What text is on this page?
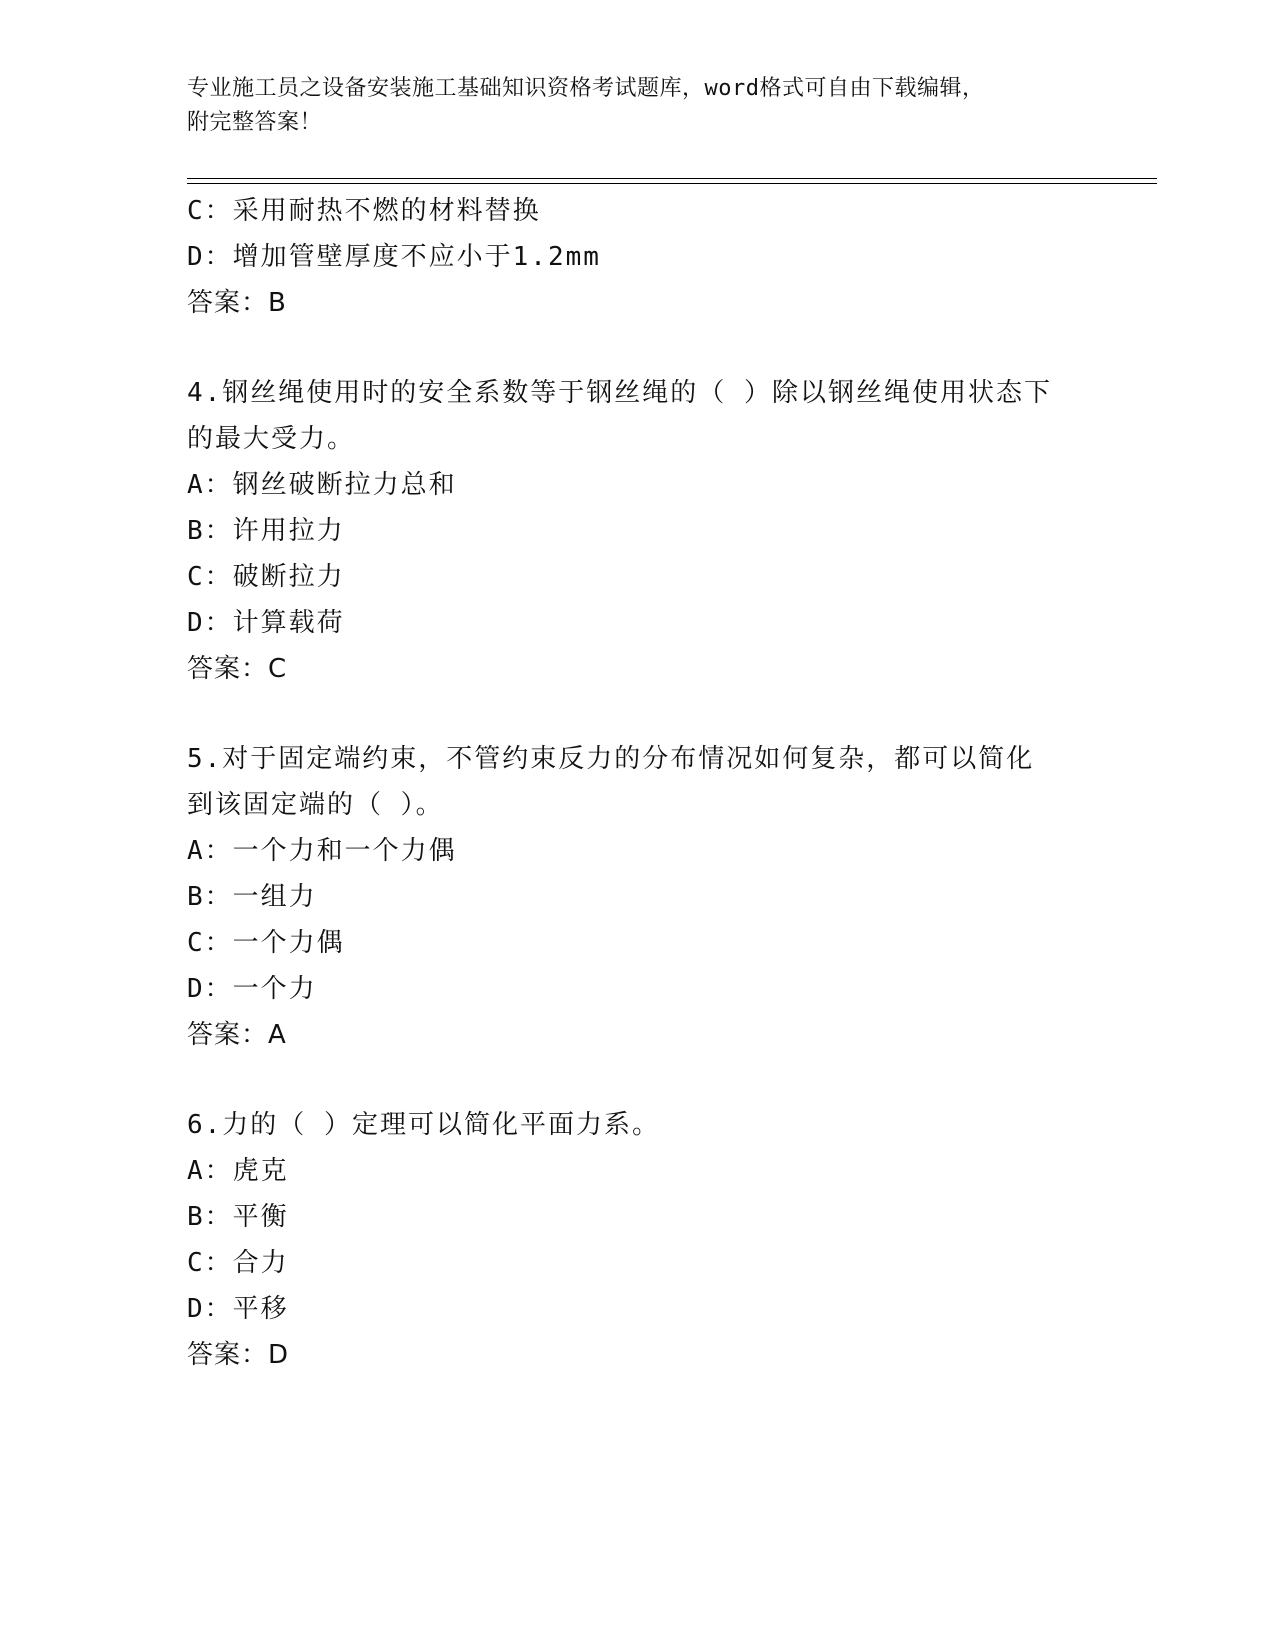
专业施工员之设备安装施工基础知识资格考试题库，word格式可自由下载编辑，
附完整答案！
C：采用耐热不燃的材料替换
D：增加管壁厚度不应小于1.2mm
答案：B
4.钢丝绳使用时的安全系数等于钢丝绳的（ ）除以钢丝绳使用状态下
的最大受力。
A：钢丝破断拉力总和
B：许用拉力
C：破断拉力
D：计算载荷
答案：C
5.对于固定端约束，不管约束反力的分布情况如何复杂，都可以简化
到该固定端的（ ）。
A：一个力和一个力偶
B：一组力
C：一个力偶
D：一个力
答案：A
6.力的（ ）定理可以简化平面力系。
A：虎克
B：平衡
C：合力
D：平移
答案：D
